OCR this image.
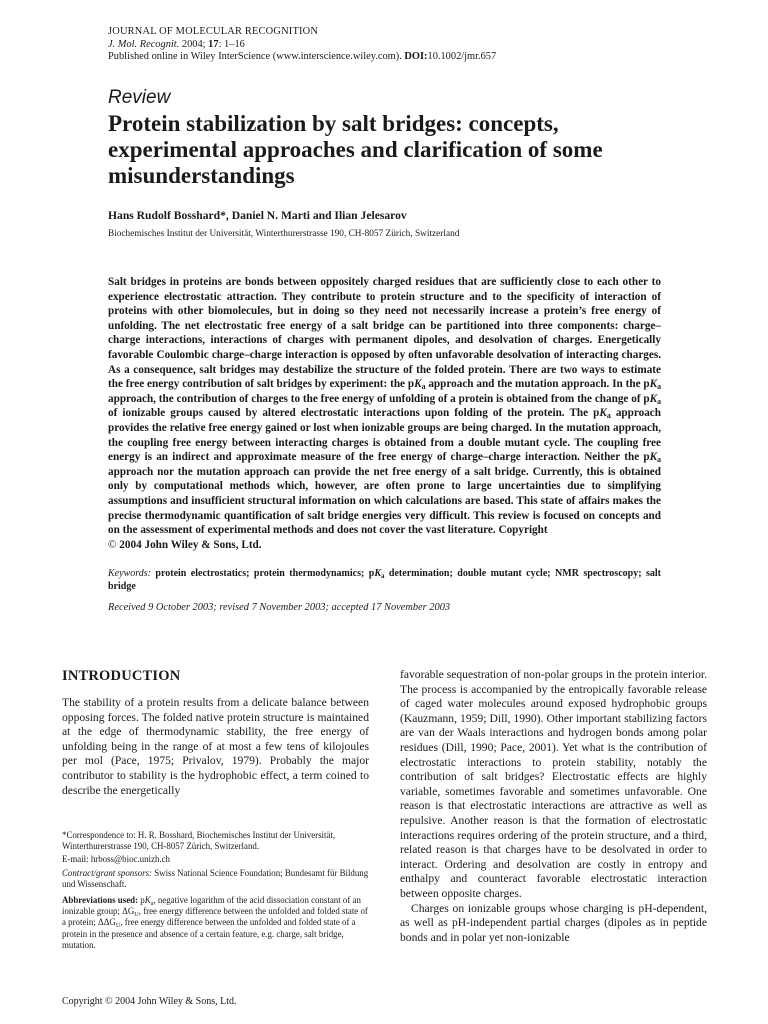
JOURNAL OF MOLECULAR RECOGNITION
J. Mol. Recognit. 2004; 17: 1–16
Published online in Wiley InterScience (www.interscience.wiley.com). DOI:10.1002/jmr.657
Review
Protein stabilization by salt bridges: concepts, experimental approaches and clarification of some misunderstandings
Hans Rudolf Bosshard*, Daniel N. Marti and Ilian Jelesarov
Biochemisches Institut der Universität, Winterthurerstrasse 190, CH-8057 Zürich, Switzerland

Salt bridges in proteins are bonds between oppositely charged residues that are sufficiently close to each other to experience electrostatic attraction. They contribute to protein structure and to the specificity of interaction of proteins with other biomolecules, but in doing so they need not necessarily increase a protein’s free energy of unfolding. The net electrostatic free energy of a salt bridge can be partitioned into three components: charge–charge interactions, interactions of charges with permanent dipoles, and desolvation of charges. Energetically favorable Coulombic charge–charge interaction is opposed by often unfavorable desolvation of interacting charges. As a consequence, salt bridges may destabilize the structure of the folded protein. There are two ways to estimate the free energy contribution of salt bridges by experiment: the $pK_a$ approach and the mutation approach. In the $pK_a$ approach, the contribution of charges to the free energy of unfolding of a protein is obtained from the change of $pK_a$ of ionizable groups caused by altered electrostatic interactions upon folding of the protein. The $pK_a$ approach provides the relative free energy gained or lost when ionizable groups are being charged. In the mutation approach, the coupling free energy between interacting charges is obtained from a double mutant cycle. The coupling free energy is an indirect and approximate measure of the free energy of charge–charge interaction. Neither the $pK_a$ approach nor the mutation approach can provide the net free energy of a salt bridge. Currently, this is obtained only by computational methods which, however, are often prone to large uncertainties due to simplifying assumptions and insufficient structural information on which calculations are based. This state of affairs makes the precise thermodynamic quantification of salt bridge energies very difficult. This review is focused on concepts and on the assessment of experimental methods and does not cover the vast literature. Copyright
© 2004 John Wiley & Sons, Ltd.

Keywords: protein electrostatics; protein thermodynamics; $pK_a$ determination; double mutant cycle; NMR spectroscopy; salt bridge
Received 9 October 2003; revised 7 November 2003; accepted 17 November 2003
INTRODUCTION

The stability of a protein results from a delicate balance between opposing forces. The folded native protein structure is maintained at the edge of thermodynamic stability, the free energy of unfolding being in the range of at most a few tens of kilojoules per mol (Pace, 1975; Privalov, 1979). Probably the major contributor to stability is the hydrophobic effect, a term coined to describe the energetically

favorable sequestration of non-polar groups in the protein interior. The process is accompanied by the entropically favorable release of caged water molecules around exposed hydrophobic groups (Kauzmann, 1959; Dill, 1990). Other important stabilizing factors are van der Waals interactions and hydrogen bonds among polar residues (Dill, 1990; Pace, 2001). Yet what is the contribution of electrostatic interactions to protein stability, notably the contribution of salt bridges? Electrostatic effects are highly variable, sometimes favorable and sometimes unfavorable. One reason is that electrostatic interactions are attractive as well as repulsive. Another reason is that the formation of electrostatic interactions requires ordering of the protein structure, and a third, related reason is that charges have to be desolvated in order to interact. Ordering and desolvation are costly in entropy and enthalpy and counteract favorable electrostatic interaction between opposite charges.

Charges on ionizable groups whose charging is pH-dependent, as well as pH-independent partial charges (dipoles as in peptide bonds and in polar yet non-ionizable

*Correspondence to: H. R. Bosshard, Biochemisches Institut der Universität, Winterthurerstrasse 190, CH-8057 Zürich, Switzerland.

E-mail: hrboss@bioc.unizh.ch

Contract/grant sponsors: Swiss National Science Foundation; Bundesamt für Bildung und Wissenschaft.

Abbreviations used: $pK_a$, negative logarithm of the acid dissociation constant of an ionizable group; $\Delta G_U$, free energy difference between the unfolded and folded state of a protein; $\Delta\Delta G_U$, free energy difference between the unfolded and folded state of a protein in the presence and absence of a certain feature, e.g. charge, salt bridge, mutation.

Copyright © 2004 John Wiley & Sons, Ltd.
